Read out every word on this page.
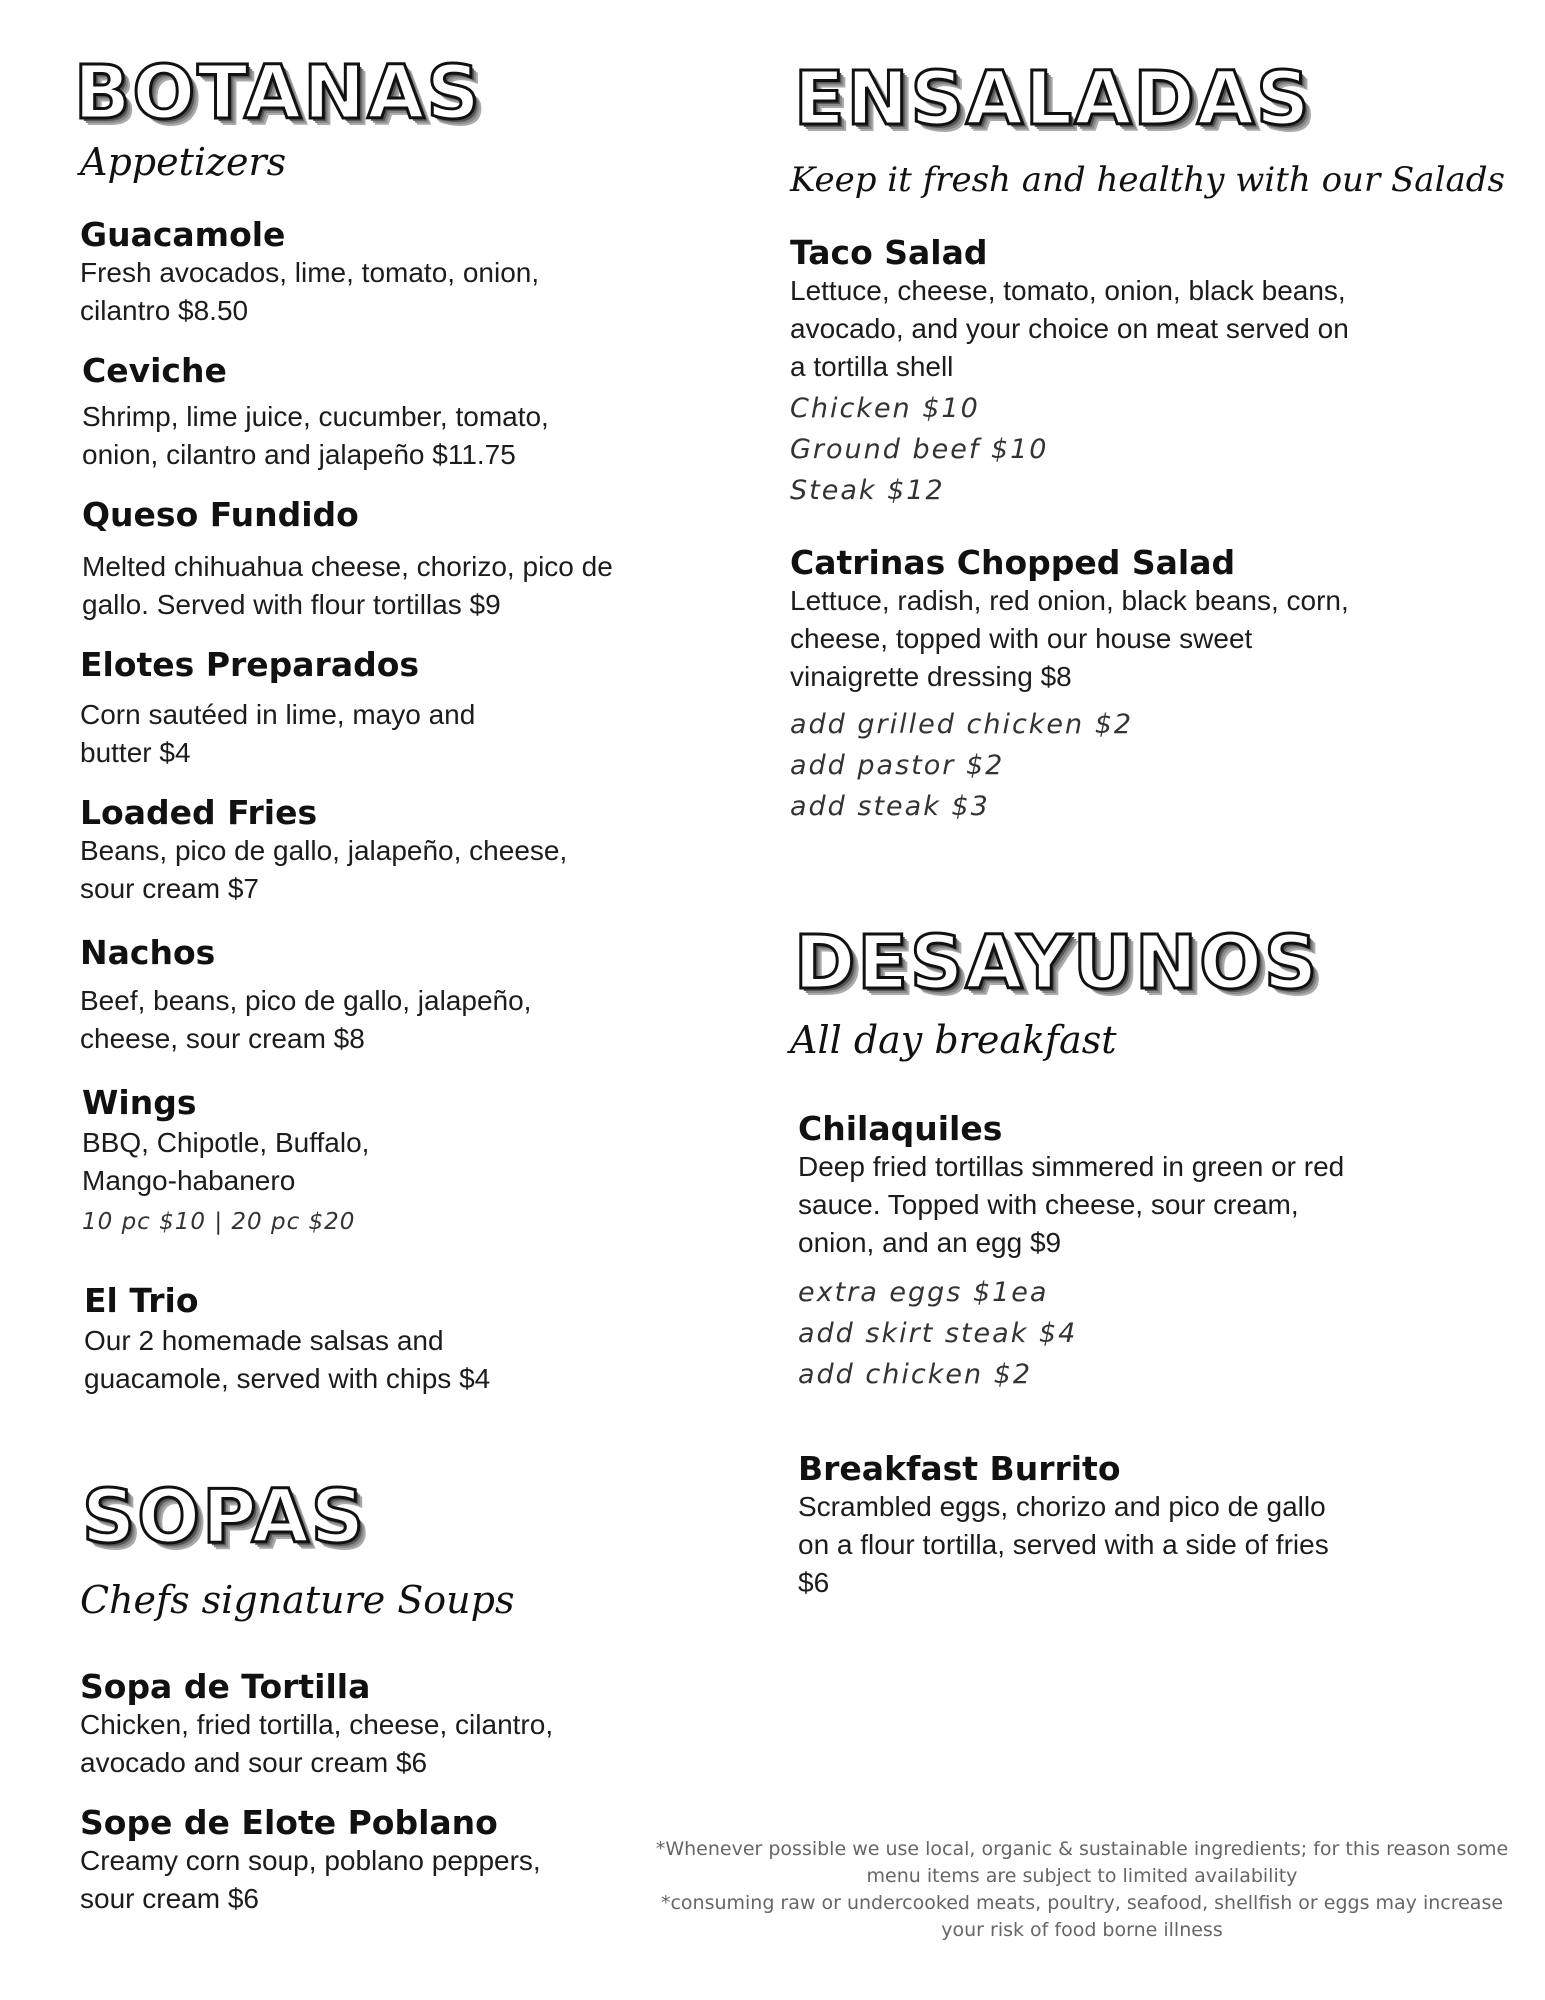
BOTANAS
Appetizers

Guacamole

Fresh avocados, lime, tomato, onion, cilantro $8.50

Ceviche

Shrimp, lime juice, cucumber, tomato, onion, cilantro and jalapeño $11.75

Queso Fundido

Melted chihuahua cheese, chorizo, pico de gallo. Served with flour tortillas $9

Elotes Preparados

Corn sautéed in lime, mayo and butter $4

Loaded Fries

Beans, pico de gallo, jalapeño, cheese, sour cream $7

Nachos

Beef, beans, pico de gallo, jalapeño, cheese, sour cream $8

Wings

BBQ, Chipotle, Buffalo, Mango-habanero

10 pc $10 | 20 pc $20

El Trio

Our 2 homemade salsas and guacamole, served with chips $4

SOPAS
Chefs signature Soups

Sopa de Tortilla

Chicken, fried tortilla, cheese, cilantro, avocado and sour cream $6

Sope de Elote Poblano

Creamy corn soup, poblano peppers, sour cream $6

ENSALADAS
Keep it fresh and healthy with our Salads

Taco Salad

Lettuce, cheese, tomato, onion, black beans, avocado, and your choice on meat served on a tortilla shell

Chicken $10

Ground beef $10

Steak $12

Catrinas Chopped Salad

Lettuce, radish, red onion, black beans, corn, cheese, topped with our house sweet vinaigrette dressing $8

add grilled chicken $2

add pastor $2

add steak $3

DESAYUNOS
All day breakfast

Chilaquiles

Deep fried tortillas simmered in green or red sauce. Topped with cheese, sour cream, onion, and an egg $9

extra eggs $1ea

add skirt steak $4

add chicken $2

Breakfast Burrito

Scrambled eggs, chorizo and pico de gallo on a flour tortilla, served with a side of fries $6

*Whenever possible we use local, organic & sustainable ingredients; for this reason some menu items are subject to limited availability
*consuming raw or undercooked meats, poultry, seafood, shellfish or eggs may increase your risk of food borne illness
